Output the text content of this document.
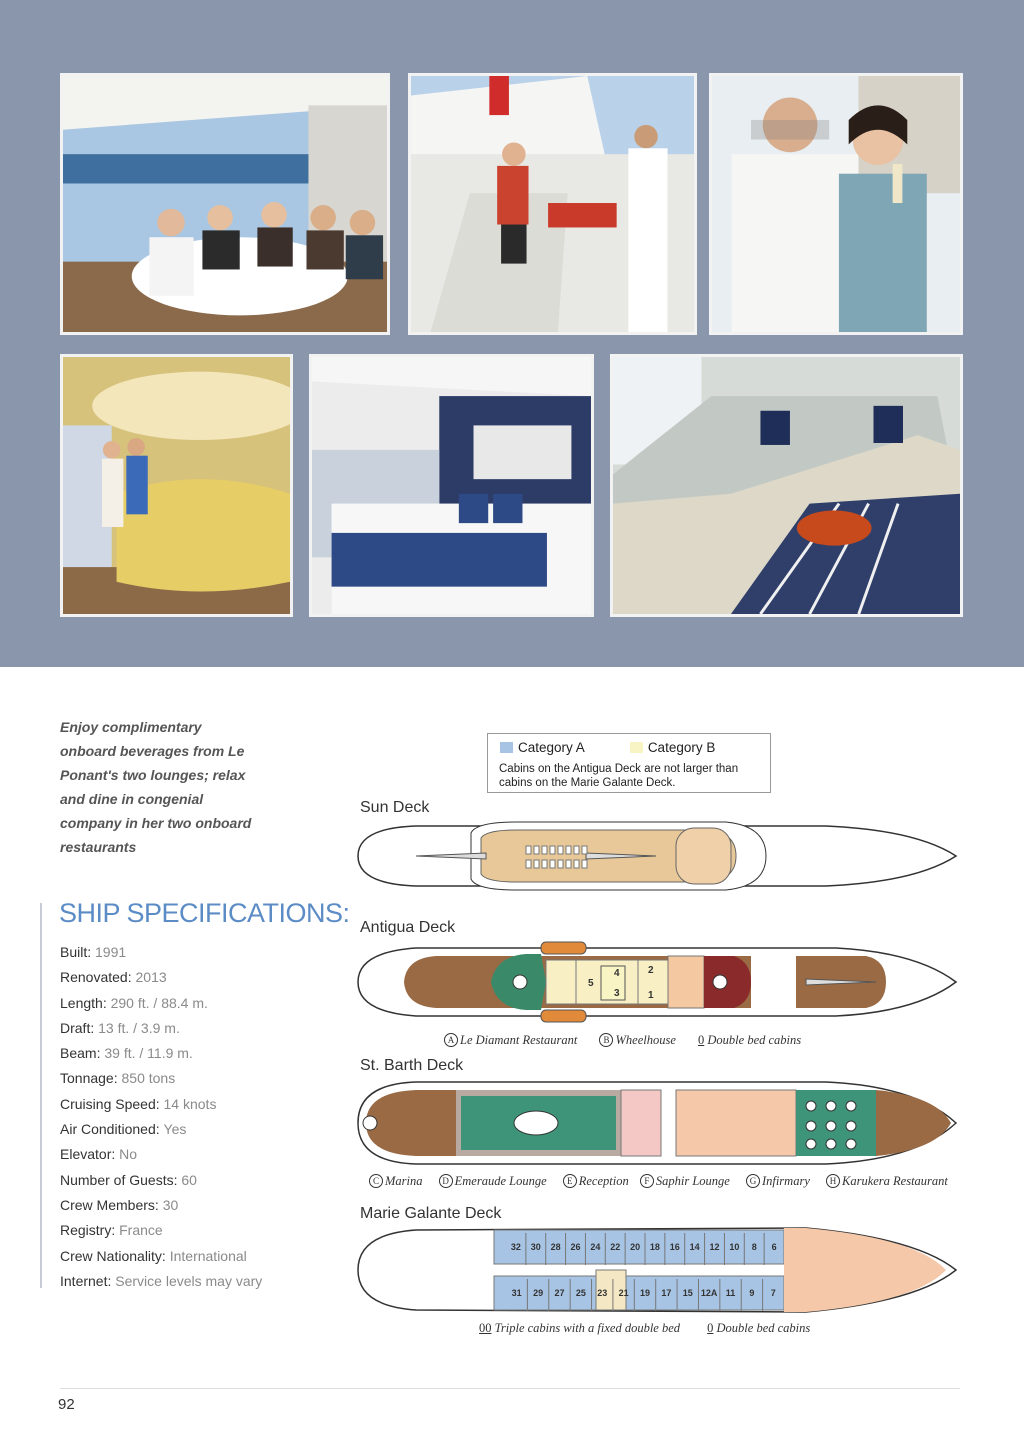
Enjoy complimentary onboard beverages from Le Ponant's two lounges; relax and dine in congenial company in her two onboard restaurants
SHIP SPECIFICATIONS:
Built: 1991
Renovated: 2013
Length: 290 ft. / 88.4 m.
Draft: 13 ft. / 3.9 m.
Beam: 39 ft. / 11.9 m.
Tonnage: 850 tons
Cruising Speed: 14 knots
Air Conditioned: Yes
Elevator: No
Number of Guests: 60
Crew Members: 30
Registry: France
Crew Nationality: International
Internet: Service levels may vary
Category A	Category B
Cabins on the Antigua Deck are not larger than cabins on the Marie Galante Deck.
Sun Deck
Antigua Deck
5
4
3
2
1
A Le Diamant Restaurant	B Wheelhouse 0 Double bed cabins
St. Barth Deck
C Marina D Emeraude Lounge E Reception F Saphir Lounge G Infirmary H Karukera Restaurant
Marie Galante Deck
32 30 28 26 24 22 20 18 16 14 12 10 8 6
31 29 27 25 23 21 19 17 15 12A 11 9 7
00 Triple cabins with a fixed double bed 0 Double bed cabins
92
